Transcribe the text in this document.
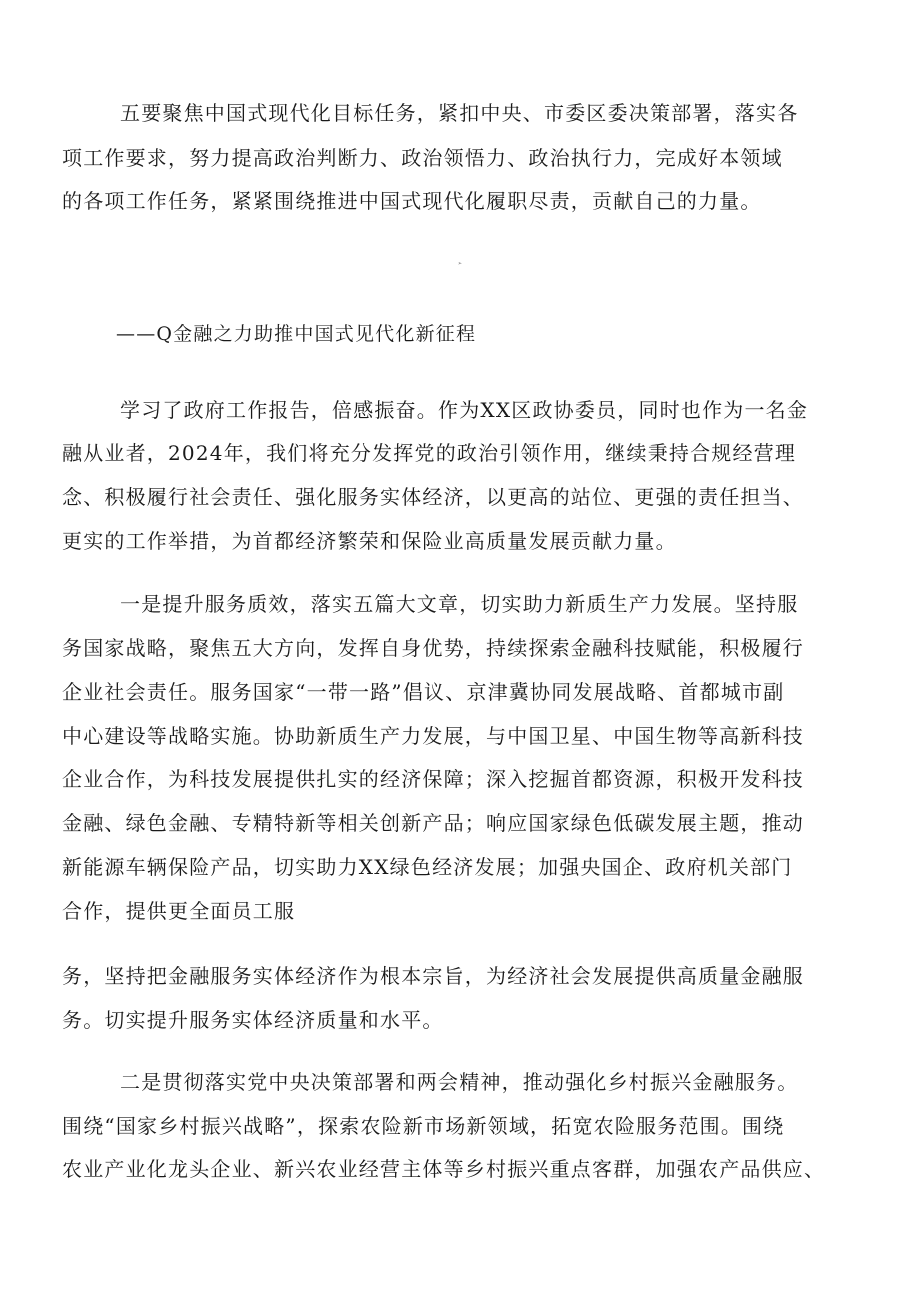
五要聚焦中国式现代化目标任务，紧扣中央、市委区委决策部署，落实各
项工作要求，努力提高政治判断力、政治领悟力、政治执行力，完成好本领域
的各项工作任务，紧紧围绕推进中国式现代化履职尽责，贡献自己的力量。
JW—
——Q金融之力助推中国式见代化新征程
学习了政府工作报告，倍感振奋。作为XX区政协委员，同时也作为一名金
融从业者，2024年，我们将充分发挥党的政治引领作用，继续秉持合规经营理
念、积极履行社会责任、强化服务实体经济，以更高的站位、更强的责任担当、
更实的工作举措，为首都经济繁荣和保险业高质量发展贡献力量。
一是提升服务质效，落实五篇大文章，切实助力新质生产力发展。坚持服
务国家战略，聚焦五大方向，发挥自身优势，持续探索金融科技赋能，积极履行
企业社会责任。服务国家“一带一路”倡议、京津冀协同发展战略、首都城市副
中心建设等战略实施。协助新质生产力发展，与中国卫星、中国生物等高新科技
企业合作，为科技发展提供扎实的经济保障；深入挖掘首都资源，积极开发科技
金融、绿色金融、专精特新等相关创新产品；响应国家绿色低碳发展主题，推动
新能源车辆保险产品，切实助力XX绿色经济发展；加强央国企、政府机关部门
合作，提供更全面员工服
务，坚持把金融服务实体经济作为根本宗旨，为经济社会发展提供高质量金融服
务。切实提升服务实体经济质量和水平。
二是贯彻落实党中央决策部署和两会精神，推动强化乡村振兴金融服务。
围绕“国家乡村振兴战略”，探索农险新市场新领域，拓宽农险服务范围。围绕
农业产业化龙头企业、新兴农业经营主体等乡村振兴重点客群，加强农产品供应、
